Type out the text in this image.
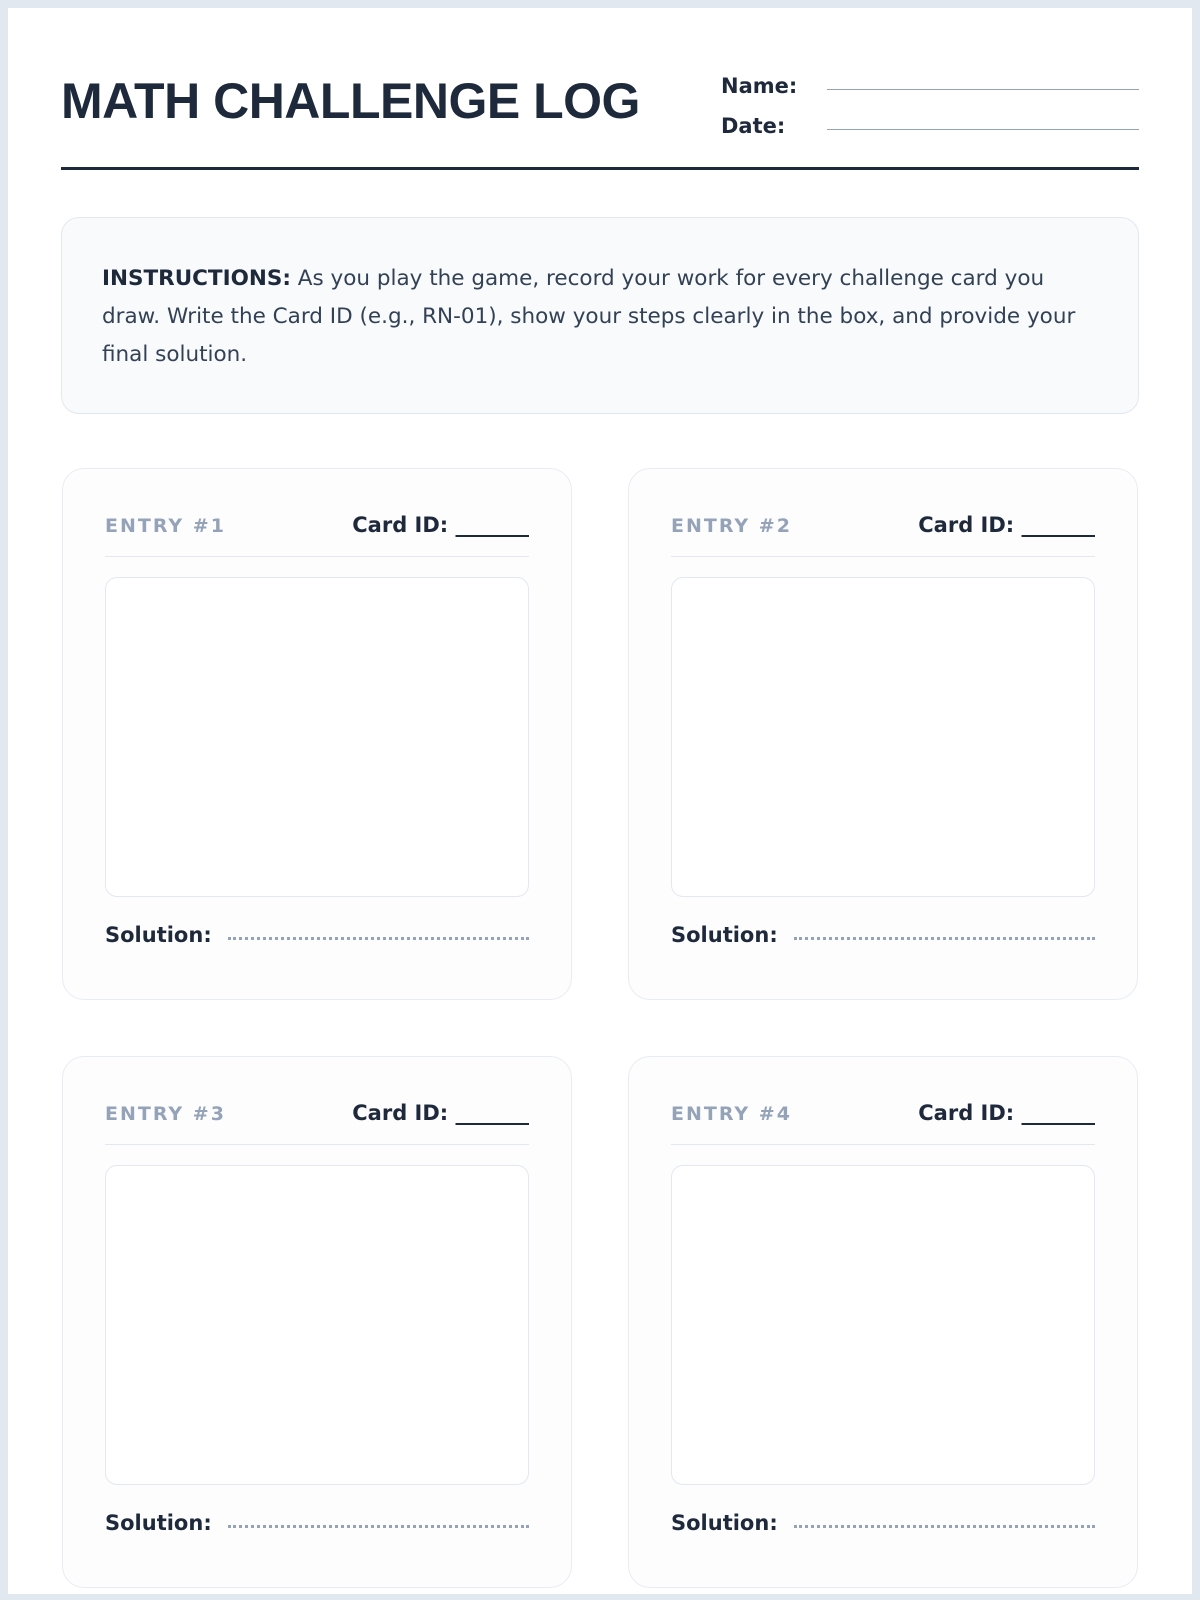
MATH CHALLENGE LOG	Name:
Date:
INSTRUCTIONS: As you play the game, record your work for every challenge card you draw. Write the Card ID (e.g., RN-01), show your steps clearly in the box, and provide your final solution.
ENTRY #1	Card ID: _______
Solution:
ENTRY #2	Card ID: _______
Solution:
ENTRY #3	Card ID: _______
Solution:
ENTRY #4	Card ID: _______
Solution:
